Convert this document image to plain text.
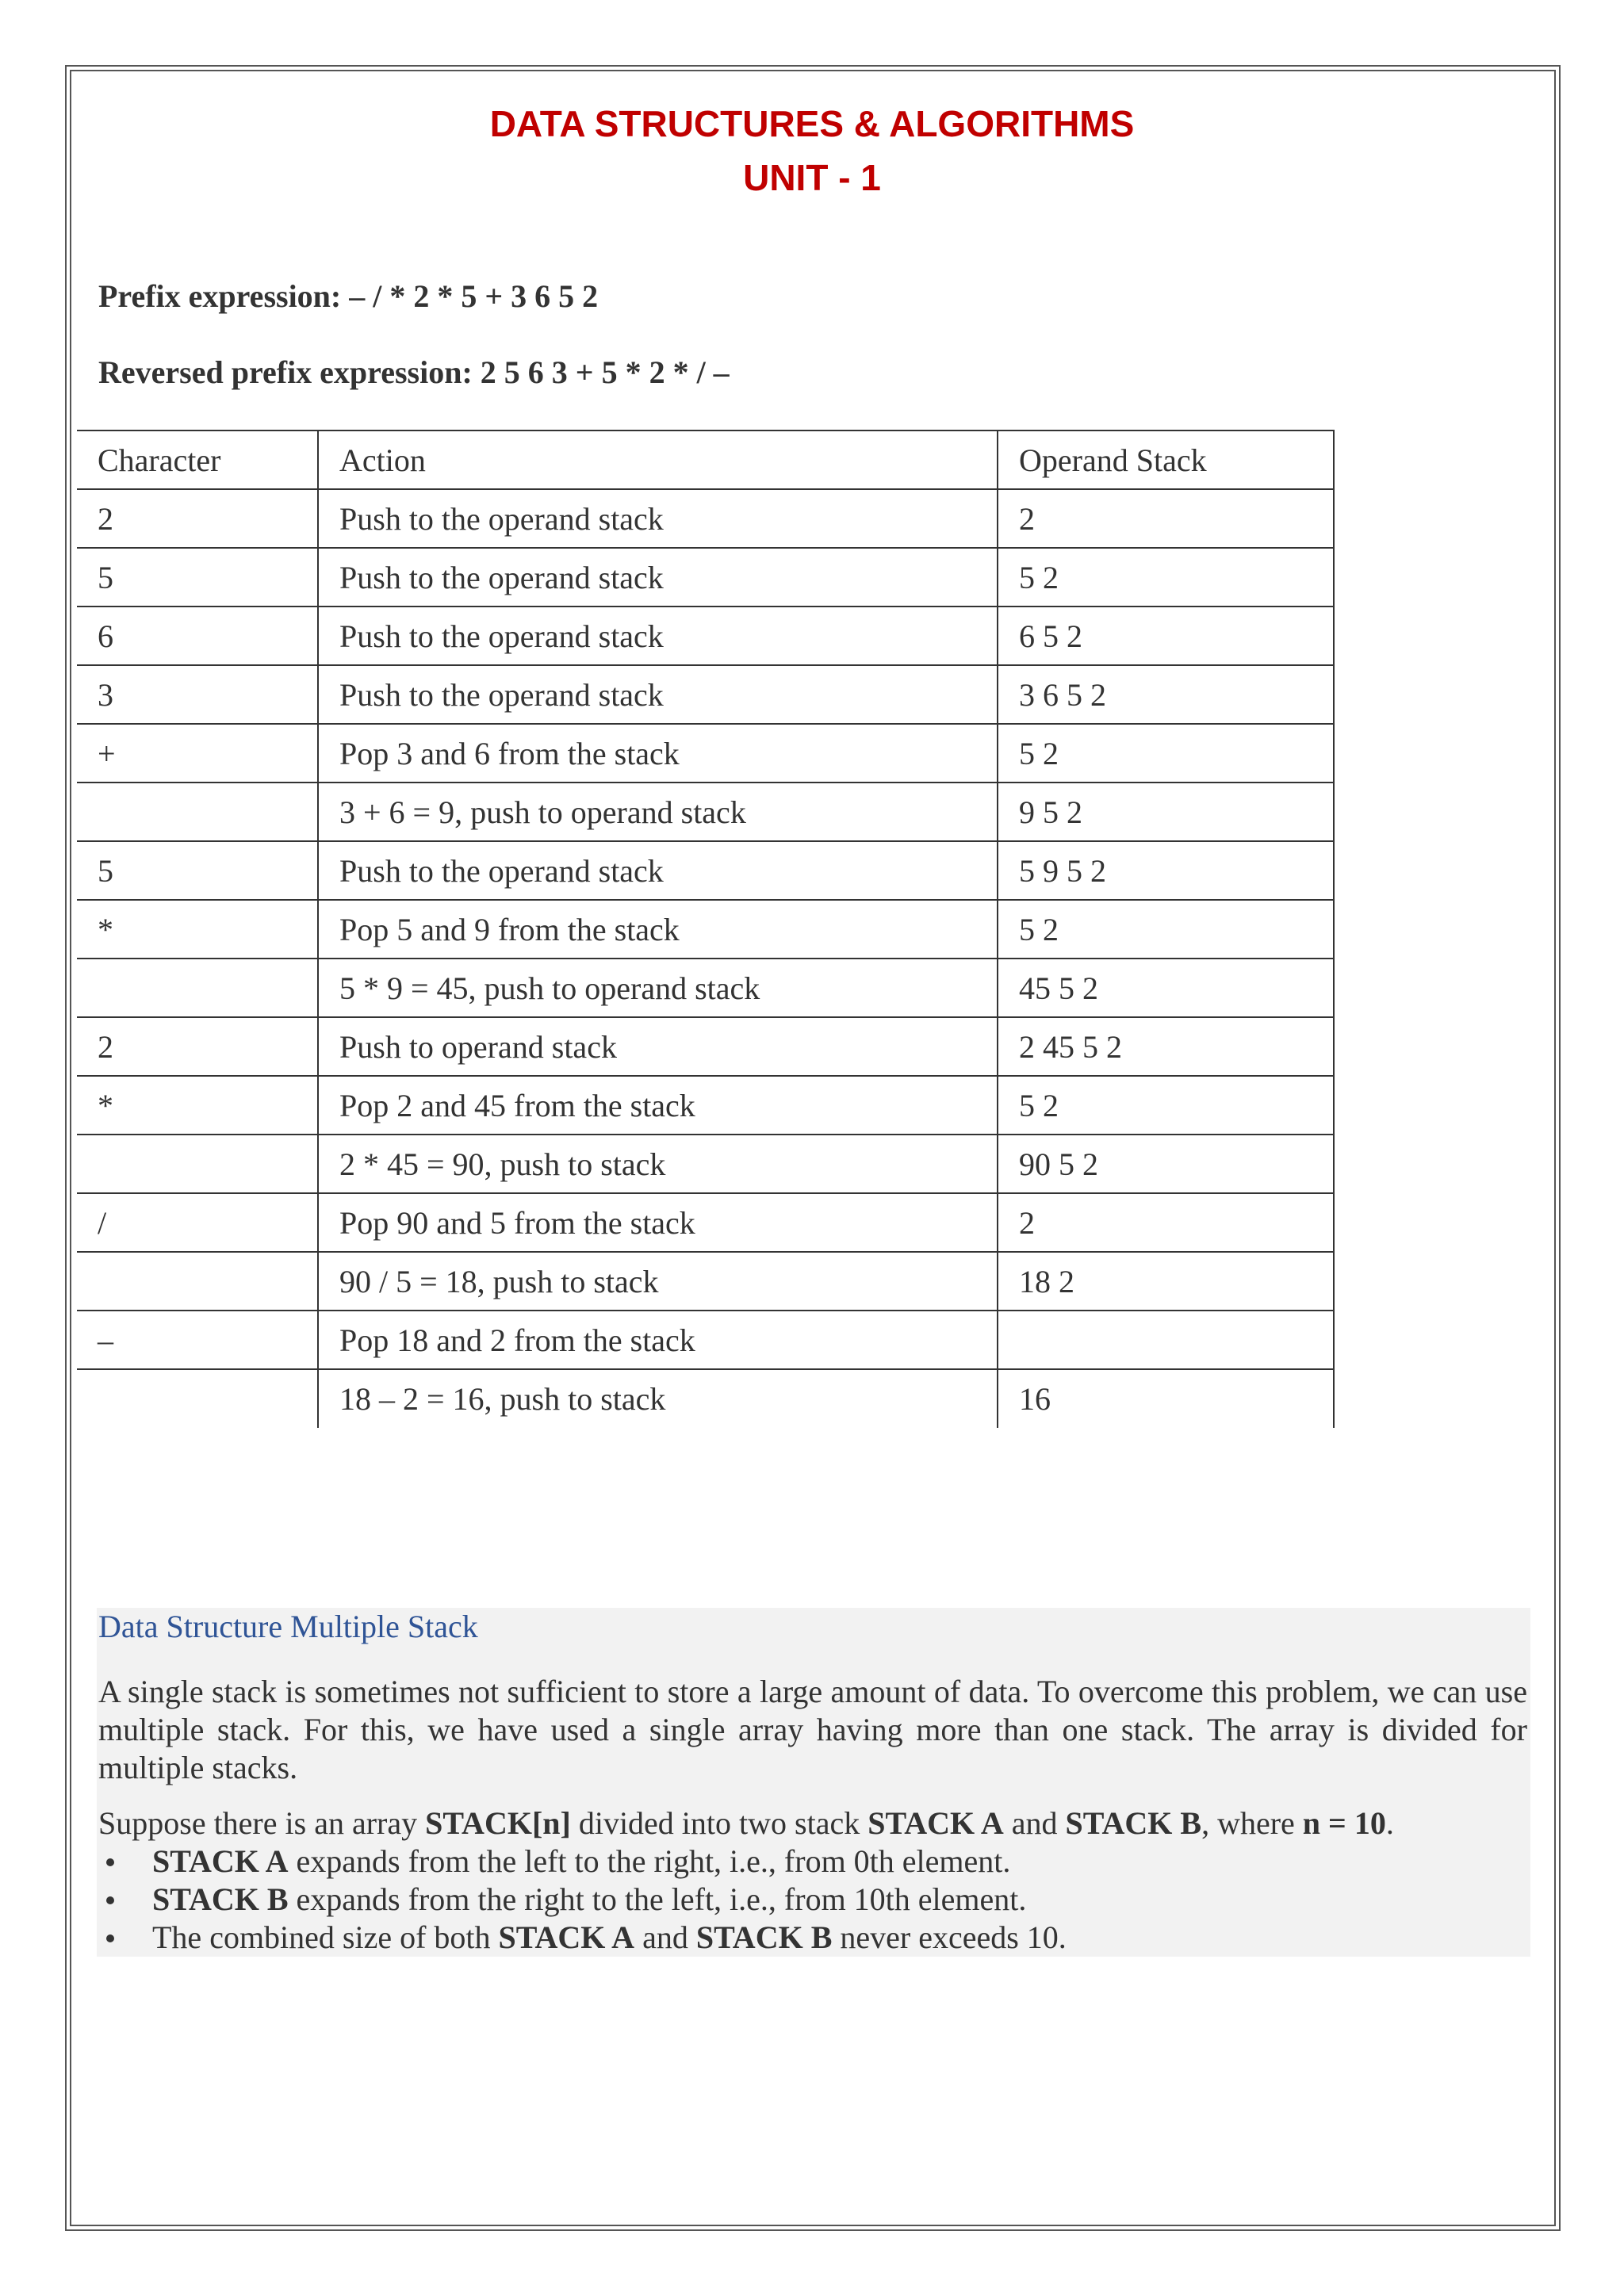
DATA STRUCTURES & ALGORITHMS
UNIT - 1
Prefix expression: – / * 2 * 5 + 3 6 5 2
Reversed prefix expression: 2 5 6 3 + 5 * 2 * / –
Character	Action	Operand Stack
2	Push to the operand stack	2
5	Push to the operand stack	5 2
6	Push to the operand stack	6 5 2
3	Push to the operand stack	3 6 5 2
+	Pop 3 and 6 from the stack	5 2
	3 + 6 = 9, push to operand stack	9 5 2
5	Push to the operand stack	5 9 5 2
*	Pop 5 and 9 from the stack	5 2
	5 * 9 = 45, push to operand stack	45 5 2
2	Push to operand stack	2 45 5 2
*	Pop 2 and 45 from the stack	5 2
	2 * 45 = 90, push to stack	90 5 2
/	Pop 90 and 5 from the stack	2
	90 / 5 = 18, push to stack	18 2
–	Pop 18 and 2 from the stack	
	18 – 2 = 16, push to stack	16
Data Structure Multiple Stack
A single stack is sometimes not sufficient to store a large amount of data. To overcome this problem, we can use multiple stack. For this, we have used a single array having more than one stack. The array is divided for multiple stacks.
Suppose there is an array STACK[n] divided into two stack STACK A and STACK B, where n = 10.
STACK A expands from the left to the right, i.e., from 0th element.
STACK B expands from the right to the left, i.e., from 10th element.
The combined size of both STACK A and STACK B never exceeds 10.
